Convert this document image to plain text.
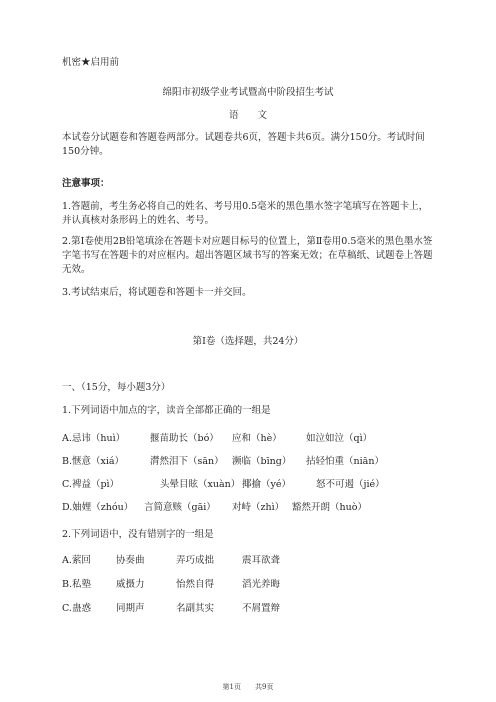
机密★启用前
绵阳市初级学业考试暨高中阶段招生考试
语　　文
本试卷分试题卷和答题卷两部分。试题卷共6页，答题卡共6页。满分150分。考试时间150分钟。
注意事项：
1.答题前，考生务必将自己的姓名、考号用0.5毫米的黑色墨水签字笔填写在答题卡上，并认真核对条形码上的姓名、考号。
2.第Ⅰ卷使用2B铅笔填涂在答题卡对应题目标号的位置上，第Ⅱ卷用0.5毫米的黑色墨水签字笔书写在答题卡的对应框内。超出答题区域书写的答案无效；在草稿纸、试题卷上答题无效。
3.考试结束后，将试题卷和答题卡一并交回。
第Ⅰ卷（选择题，共24分）
一、（15分，每小题3分）
1.下列词语中加点的字，读音全部都正确的一组是
A.忌讳（huì）	揠苗助长（bó） 应和（hè）	如泣如泣（qì）
B.惬意（xiá）	潸然泪下（sān） 濒临（bīng） 拈轻怕重（niān）
C.裨益（pì）	头晕目眩（xuàn） 揶揄（yé）	怒不可遏（jié）
D.妯娌（zhóu） 言简意赅（gāi） 对峙（zhì） 豁然开朗（huò）
2.下列词语中，没有错别字的一组是
A.萦回	协奏曲	弄巧成拙	震耳欲聋
B.私塾	威摄力	怡然自得	滔光养晦
C.蛊惑	同期声	名副其实	不屑置辩
第1页　　共9页
